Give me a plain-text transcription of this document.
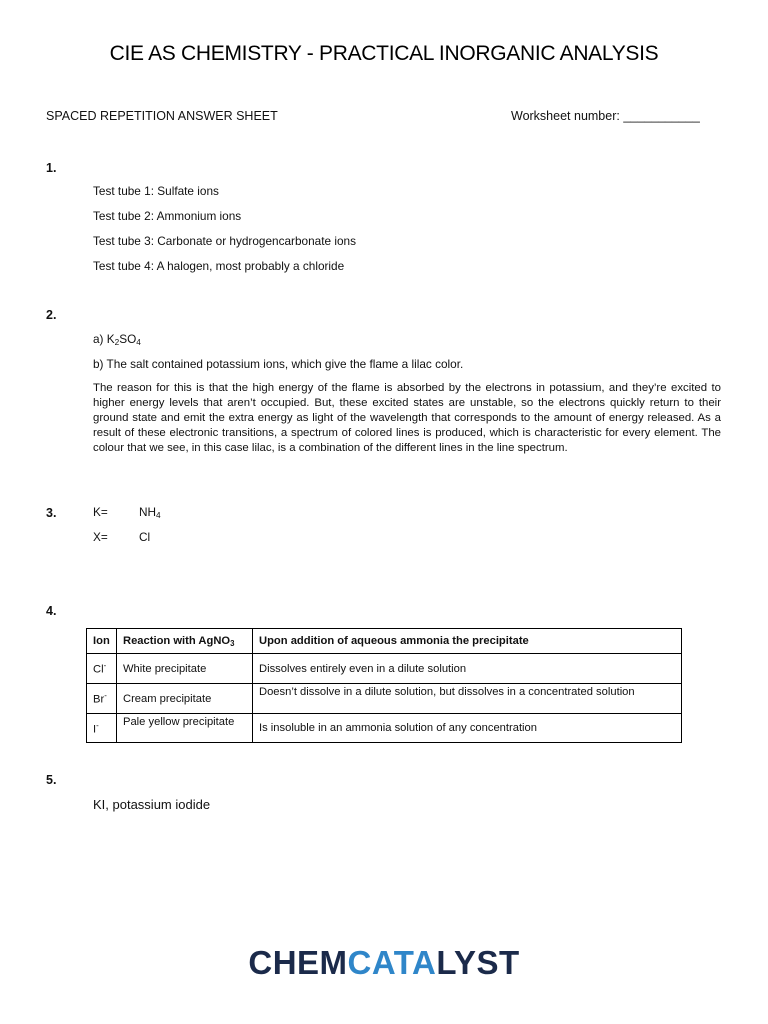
CIE AS CHEMISTRY - PRACTICAL INORGANIC ANALYSIS
SPACED REPETITION ANSWER SHEET	Worksheet number: ___________
1.
Test tube 1: Sulfate ions
Test tube 2: Ammonium ions
Test tube 3: Carbonate or hydrogencarbonate ions
Test tube 4: A halogen, most probably a chloride
2.
a) $K_2SO_4$
b) The salt contained potassium ions, which give the flame a lilac color.

The reason for this is that the high energy of the flame is absorbed by the electrons in potassium, and they’re excited to higher energy levels that aren’t occupied. But, these excited states are unstable, so the electrons quickly return to their ground state and emit the extra energy as light of the wavelength that corresponds to the amount of energy released. As a result of these electronic transitions, a spectrum of colored lines is produced, which is characteristic for every element. The colour that we see, in this case lilac, is a combination of the different lines in the line spectrum.

3.	K=	$NH_4$
X=	Cl
4.
Ion	Reaction with AgNO$_3$	Upon addition of aqueous ammonia the precipitate
Cl-	White precipitate	Dissolves entirely even in a dilute solution
Br-	Cream precipitate	Doesn’t dissolve in a dilute solution, but dissolves in a concentrated solution
I-	Pale yellow precipitate	Is insoluble in an ammonia solution of any concentration
5.
KI, potassium iodide
CHEMCATALYST
